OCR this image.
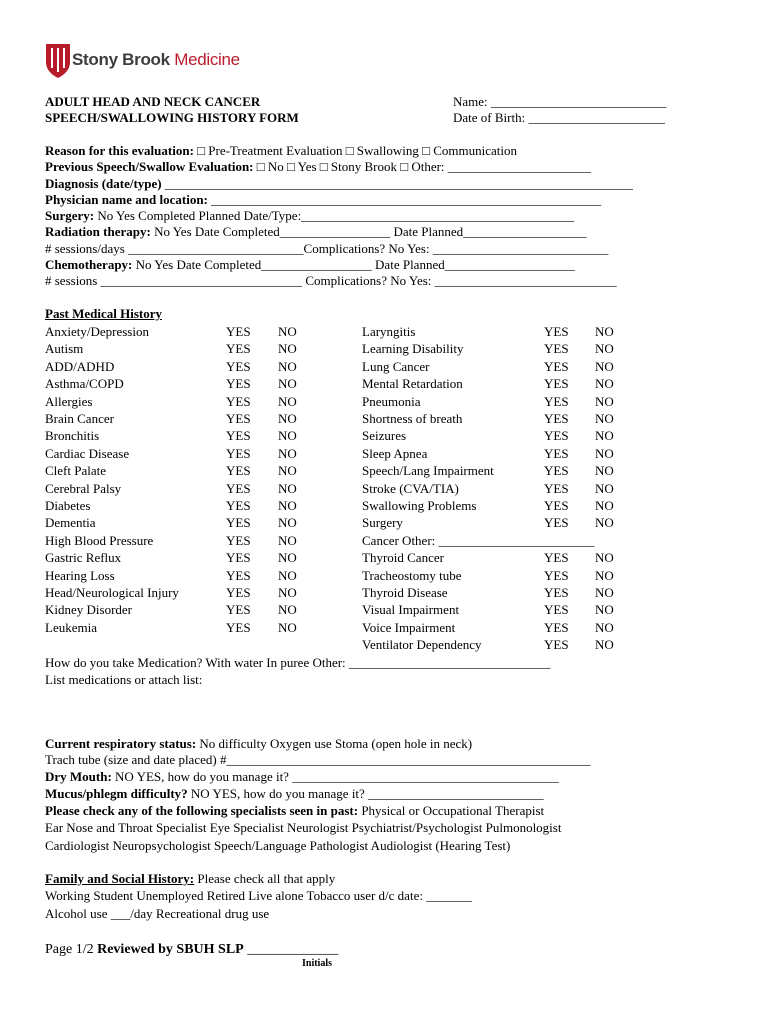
Stony Brook Medicine
ADULT HEAD AND NECK CANCER
SPEECH/SWALLOWING HISTORY FORM
Name: ___________________________
Date of Birth: _____________________
Reason for this evaluation: □ Pre-Treatment Evaluation □ Swallowing □ Communication
Previous Speech/Swallow Evaluation: □ No □ Yes □ Stony Brook □ Other: ______________________
Diagnosis (date/type) ________________________________________________________________________
Physician name and location: ____________________________________________________________
Surgery: No Yes Completed Planned Date/Type:__________________________________________
Radiation therapy: No Yes Date Completed_________________ Date Planned___________________
# sessions/days ___________________________Complications? No Yes: ___________________________
Chemotherapy: No Yes Date Completed_________________ Date Planned____________________
# sessions _______________________________ Complications? No Yes: ____________________________
Past Medical History
Anxiety/Depression	YES NO
Autism	YES NO
ADD/ADHD	YES NO
Asthma/COPD	YES NO
Allergies	YES NO
Brain Cancer	YES NO
Bronchitis	YES NO
Cardiac Disease	YES NO
Cleft Palate	YES NO
Cerebral Palsy	YES NO
Diabetes	YES NO
Dementia	YES NO
High Blood Pressure	YES NO
Gastric Reflux	YES NO
Hearing Loss	YES NO
Head/Neurological Injury	YES NO
Kidney Disorder	YES NO
Leukemia	YES NO
Laryngitis	YES NO
Learning Disability	YES NO
Lung Cancer	YES NO
Mental Retardation	YES NO
Pneumonia	YES NO
Shortness of breath	YES NO
Seizures	YES NO
Sleep Apnea	YES NO
Speech/Lang Impairment	YES NO
Stroke (CVA/TIA)	YES NO
Swallowing Problems	YES NO
Surgery	YES NO
Cancer Other: ________________________
Thyroid Cancer	YES NO
Tracheostomy tube	YES NO
Thyroid Disease	YES NO
Visual Impairment	YES NO
Voice Impairment	YES NO
Ventilator Dependency	YES NO
How do you take Medication? With water In puree Other: _______________________________
List medications or attach list:
Current respiratory status: No difficulty Oxygen use Stoma (open hole in neck)
Trach tube (size and date placed) #________________________________________________________
Dry Mouth: NO YES, how do you manage it? _________________________________________
Mucus/phlegm difficulty? NO YES, how do you manage it? ___________________________
Please check any of the following specialists seen in past: Physical or Occupational Therapist
Ear Nose and Throat Specialist Eye Specialist Neurologist Psychiatrist/Psychologist Pulmonologist
Cardiologist Neuropsychologist Speech/Language Pathologist Audiologist (Hearing Test)
Family and Social History: Please check all that apply
Working Student Unemployed Retired Live alone Tobacco user d/c date: _______
Alcohol use ___/day Recreational drug use
Page 1/2 Reviewed by SBUH SLP _____________
Initials
